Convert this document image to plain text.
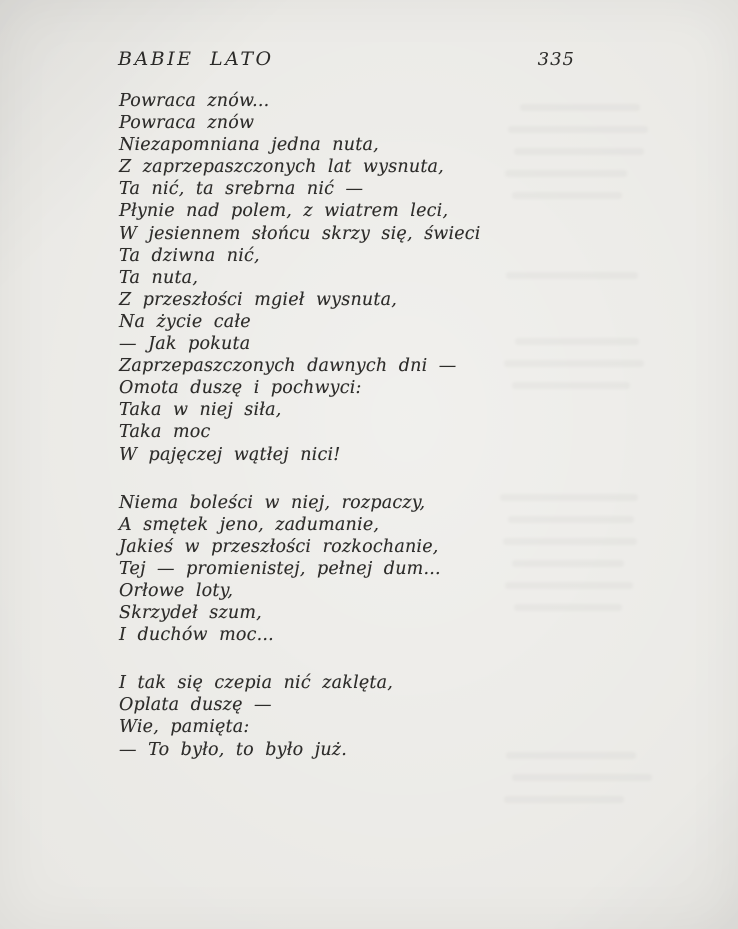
BABIE LATO	335
Powraca znów...
Powraca znów
Niezapomniana jedna nuta,
Z zaprzepaszczonych lat wysnuta,
Ta nić, ta srebrna nić —
Płynie nad polem, z wiatrem leci,
W jesiennem słońcu skrzy się, świeci
Ta dziwna nić,
Ta nuta,
Z przeszłości mgieł wysnuta,
Na życie całe
— Jak pokuta
Zaprzepaszczonych dawnych dni —
Omota duszę i pochwyci:
Taka w niej siła,
Taka moc
W pajęczej wątłej nici!
Niema boleści w niej, rozpaczy,
A smętek jeno, zadumanie,
Jakieś w przeszłości rozkochanie,
Tej — promienistej, pełnej dum...
Orłowe loty,
Skrzydeł szum,
I duchów moc...
I tak się czepia nić zaklęta,
Oplata duszę —
Wie, pamięta:
— To było, to było już.
